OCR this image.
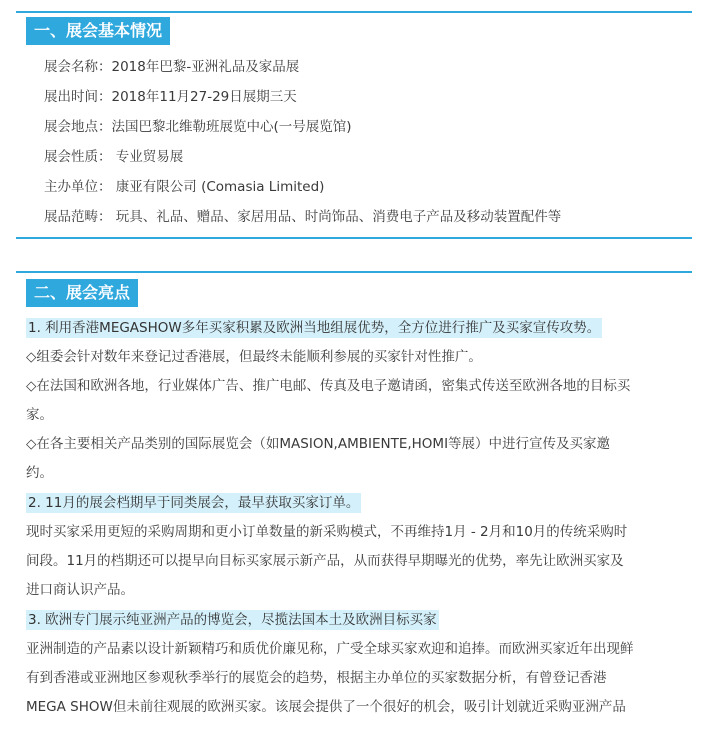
一、展会基本情况
展会名称：2018年巴黎-亚洲礼品及家品展
展出时间：2018年11月27-29日展期三天
展会地点：法国巴黎北维勒班展览中心(一号展览馆)
展会性质： 专业贸易展
主办单位： 康亚有限公司 (Comasia Limited)
展品范畴： 玩具、礼品、赠品、家居用品、时尚饰品、消费电子产品及移动装置配件等
二、展会亮点
1. 利用香港MEGASHOW多年买家积累及欧洲当地组展优势，全方位进行推广及买家宣传攻势。
◇组委会针对数年来登记过香港展，但最终未能顺利参展的买家针对性推广。
◇在法国和欧洲各地，行业媒体广告、推广电邮、传真及电子邀请函，密集式传送至欧洲各地的目标买
家。
◇在各主要相关产品类别的国际展览会（如MASION,AMBIENTE,HOMI等展）中进行宣传及买家邀
约。
2. 11月的展会档期早于同类展会，最早获取买家订单。
现时买家采用更短的采购周期和更小订单数量的新采购模式，不再维持1月 - 2月和10月的传统采购时
间段。11月的档期还可以提早向目标买家展示新产品，从而获得早期曝光的优势，率先让欧洲买家及
进口商认识产品。
3. 欧洲专门展示纯亚洲产品的博览会，尽揽法国本土及欧洲目标买家
亚洲制造的产品素以设计新颖精巧和质优价廉见称，广受全球买家欢迎和追捧。而欧洲买家近年出现鲜
有到香港或亚洲地区参观秋季举行的展览会的趋势，根据主办单位的买家数据分析，有曾登记香港
MEGA SHOW但未前往观展的欧洲买家。该展会提供了一个很好的机会，吸引计划就近采购亚洲产品
